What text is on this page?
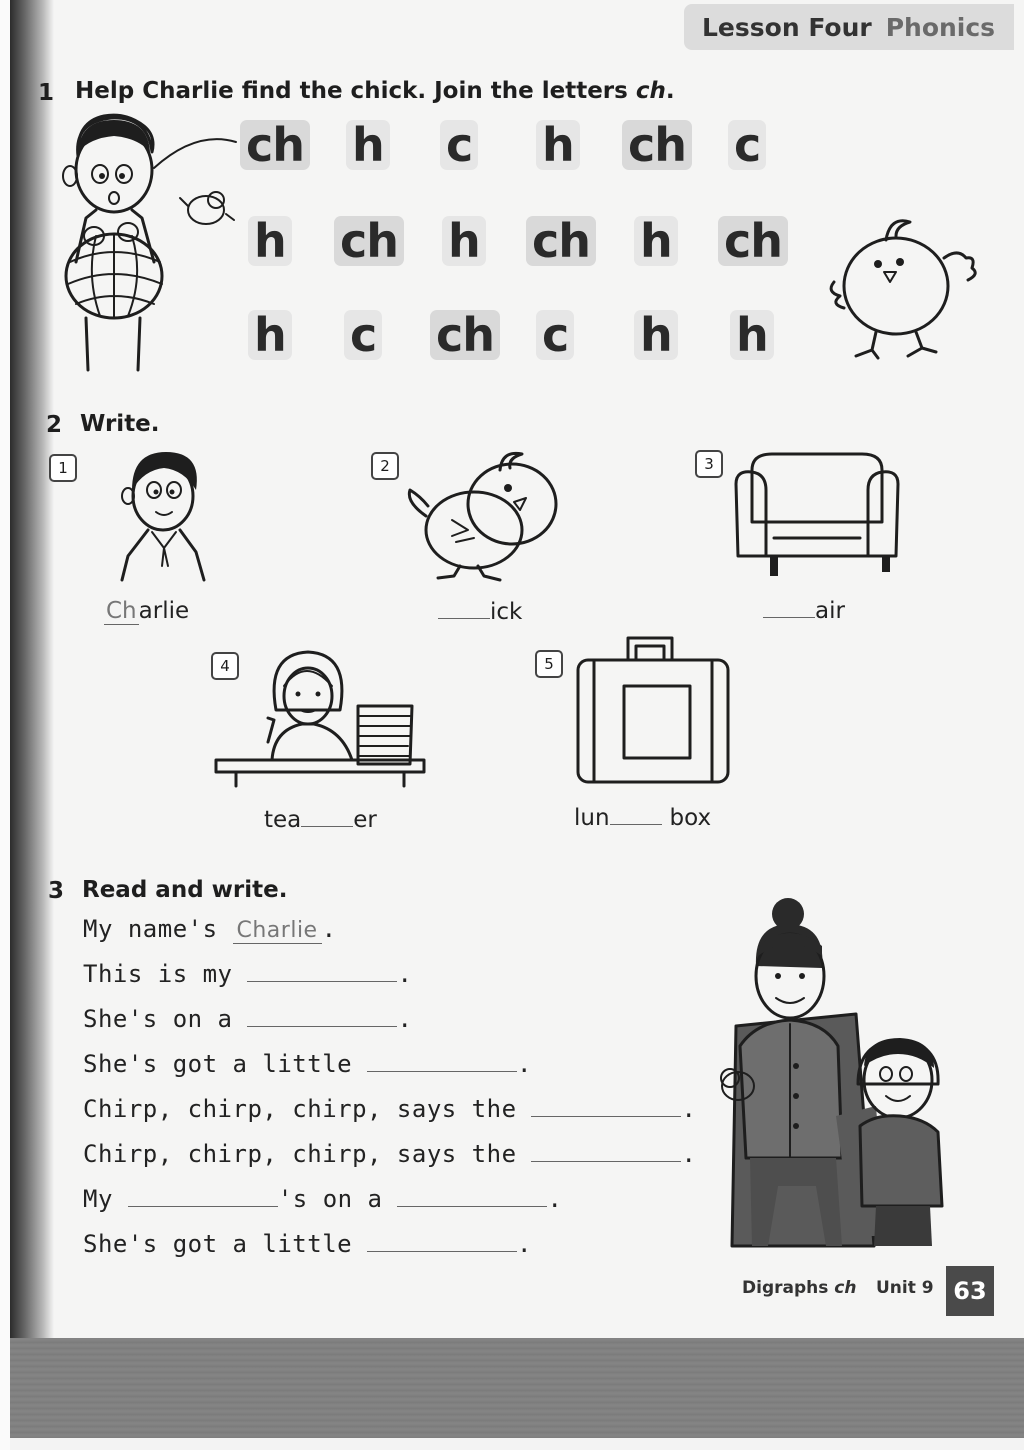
Lesson Four Phonics
1 Help Charlie find the chick. Join the letters ch.
ch h c h ch c
h ch h ch h ch
h c ch c h h
2 Write.
1
Charlie
2
ick
3
air
4
tea er
5
lun	box
3 Read and write.
My name's Charlie .
This is my	.
She's on a	.
She's got a little	.
Chirp, chirp, chirp, says the	.
Chirp, chirp, chirp, says the	.
My	's on a	.
She's got a little	.
Digraphs ch Unit 9 63
